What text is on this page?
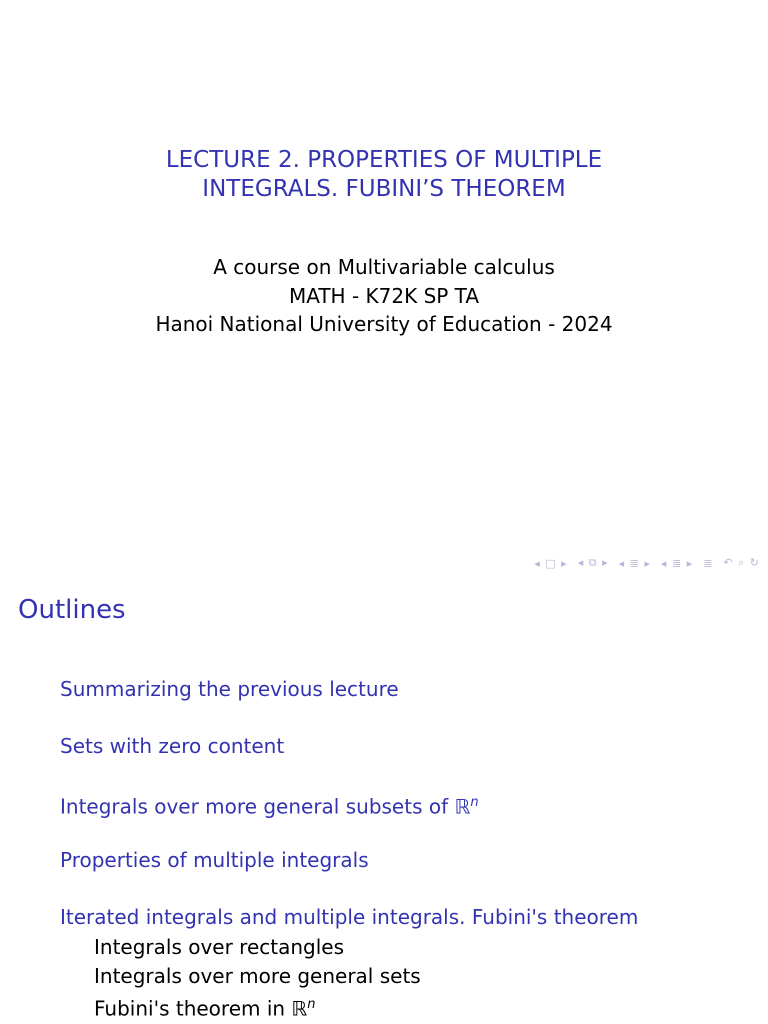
LECTURE 2. PROPERTIES OF MULTIPLE
INTEGRALS. FUBINI’S THEOREM
A course on Multivariable calculus
MATH - K72K SP TA
Hanoi National University of Education - 2024
◂ □ ▸ ◂ ⧉ ▸ ◂ ≣ ▸ ◂ ≣ ▸ ≣ ↶ ⌕ ↻
Outlines
Summarizing the previous lecture
Sets with zero content
Integrals over more general subsets of ℝ$^n$
Properties of multiple integrals
Iterated integrals and multiple integrals. Fubini's theorem
Integrals over rectangles
Integrals over more general sets
Fubini's theorem in ℝ$^n$
